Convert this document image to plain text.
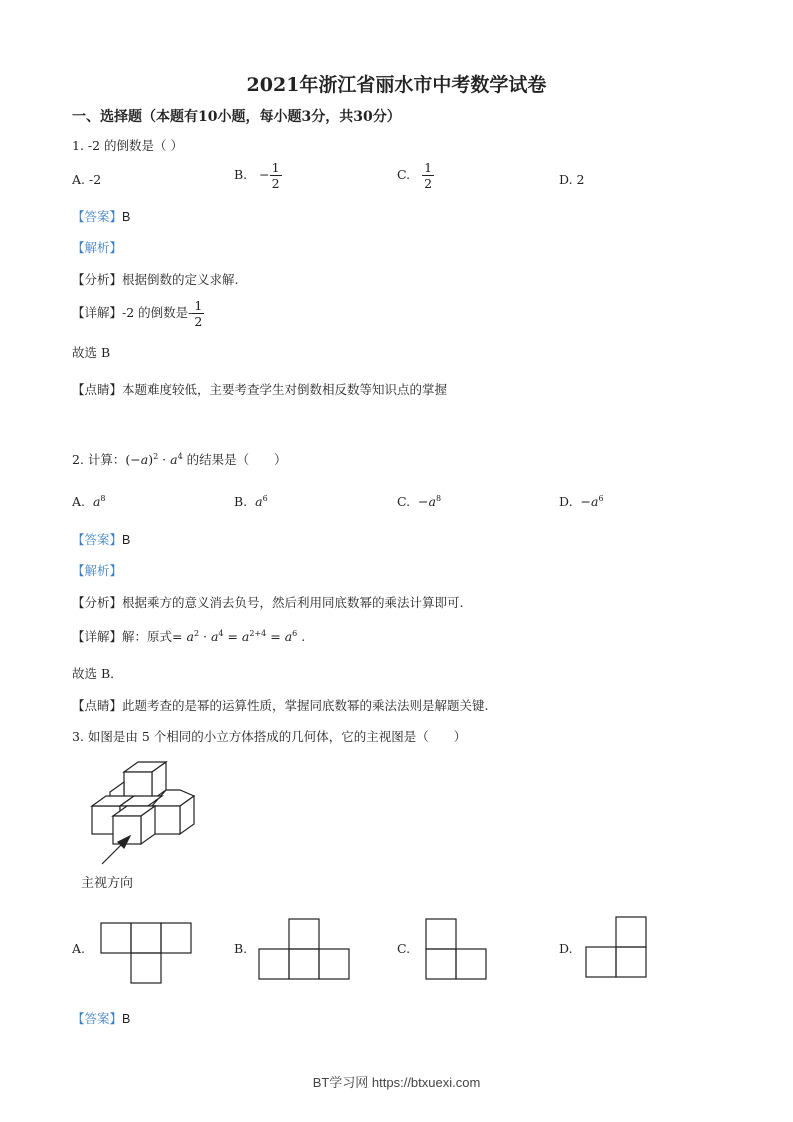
2021年浙江省丽水市中考数学试卷
一、选择题（本题有10小题，每小题3分，共30分）
1. -2 的倒数是（ ）
A. -2	B. − $\frac{1}{2}$	C. $\frac{1}{2}$	D. 2
【答案】B
【解析】
【分析】根据倒数的定义求解.
【详解】-2 的倒数是- $\frac{1}{2}$
故选 B
【点睛】本题难度较低，主要考查学生对倒数相反数等知识点的掌握
2. 计算：$(-a)^2 \cdot a^4$ 的结果是（　　）
A. $a^8$	B. $a^6$	C.  $-a^8$	D.  $-a^6$
【答案】B
【解析】
【分析】根据乘方的意义消去负号，然后利用同底数幂的乘法计算即可.
【详解】解：原式= $a^2 \cdot a^4 = a^{2+4} = a^6$ .
故选 B．
【点睛】此题考查的是幂的运算性质，掌握同底数幂的乘法法则是解题关键.
3. 如图是由 5 个相同的小立方体搭成的几何体，它的主视图是（　　）
主视方向
A.	B.	C.	D.
【答案】B
BT学习网 https://btxuexi.com
